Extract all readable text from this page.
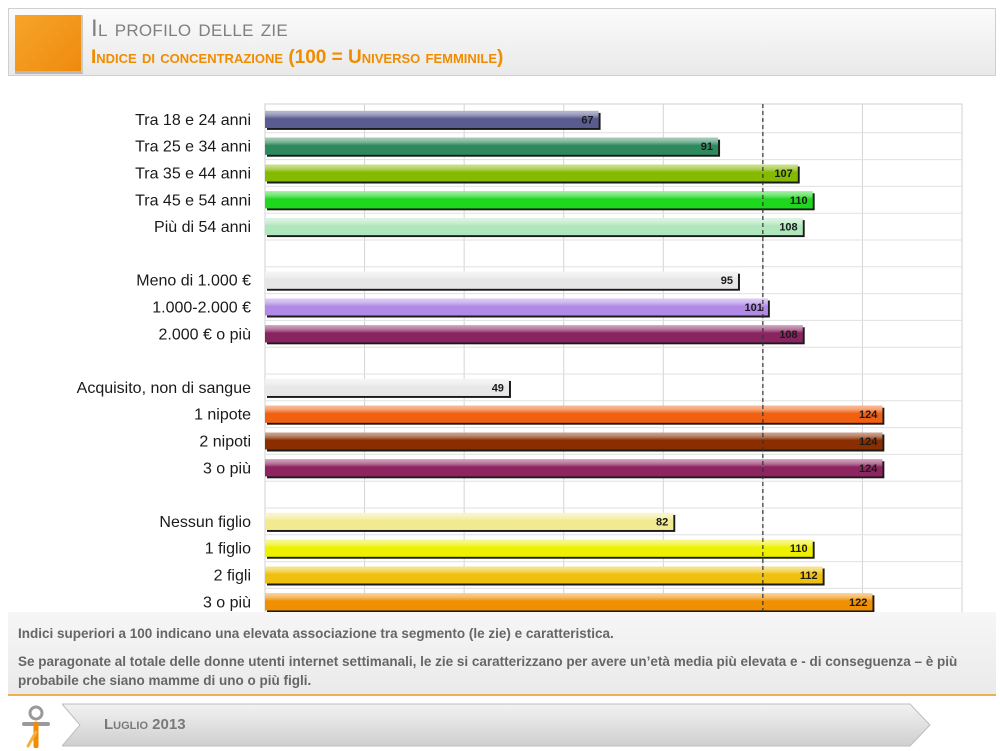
Il profilo delle zie
Indice di concentrazione (100 = Universo femminile)
Tra 18 e 24 anni	67
Tra 25 e 34 anni	91
Tra 35 e 44 anni	107
Tra 45 e 54 anni	110
Più di 54 anni	108
Meno di 1.000 €	95
1.000-2.000 €	101
2.000 € o più	108
Acquisito, non di sangue	49
1 nipote	124
2 nipoti	124
3 o più	124
Nessun figlio	82
1 figlio	110
2 figli	112
3 o più	122

Indici superiori a 100 indicano una elevata associazione tra segmento (le zie) e caratteristica.

Se paragonate al totale delle donne utenti internet settimanali, le zie si caratterizzano per avere un’età media più elevata e - di conseguenza – è più probabile che siano mamme di uno o più figli.

Luglio 2013
